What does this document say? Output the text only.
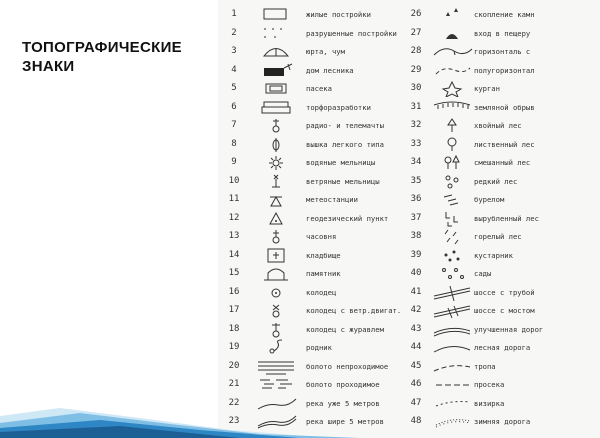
ТОПОГРАФИЧЕСКИЕ ЗНАКИ
1	жилые постройки
2	разрушенные постройки
3	юрта, чум
4	дом лесника
5	пасека
6	торфоразработки
7	радио- и телемачты
8	вышка легкого типа
9	водяные мельницы
10	ветряные мельницы
11	метеостанции
12	геодезический пункт
13	часовня
14	кладбище
15	памятник
16	колодец
17	колодец с ветр.двигат.
18	колодец с журавлем
19	родник
20	болото непроходимое
21	болото проходимое
22	река уже 5 метров
23	река шире 5 метров
26	скопление камн
27	вход в пещеру
28	горизонталь с
29	полугоризонтал
30	курган
31	земляной обрыв
32	хвойный лес
33	лиственный лес
34	смешанный лес
35	редкий лес
36	бурелом
37	вырубленный лес
38	горелый лес
39	кустарник
40	сады
41	шоссе с трубой
42	шоссе с мостом
43	улучшенная дорог
44	лесная дорога
45	тропа
46	просека
47	визирка
48	зимняя дорога
